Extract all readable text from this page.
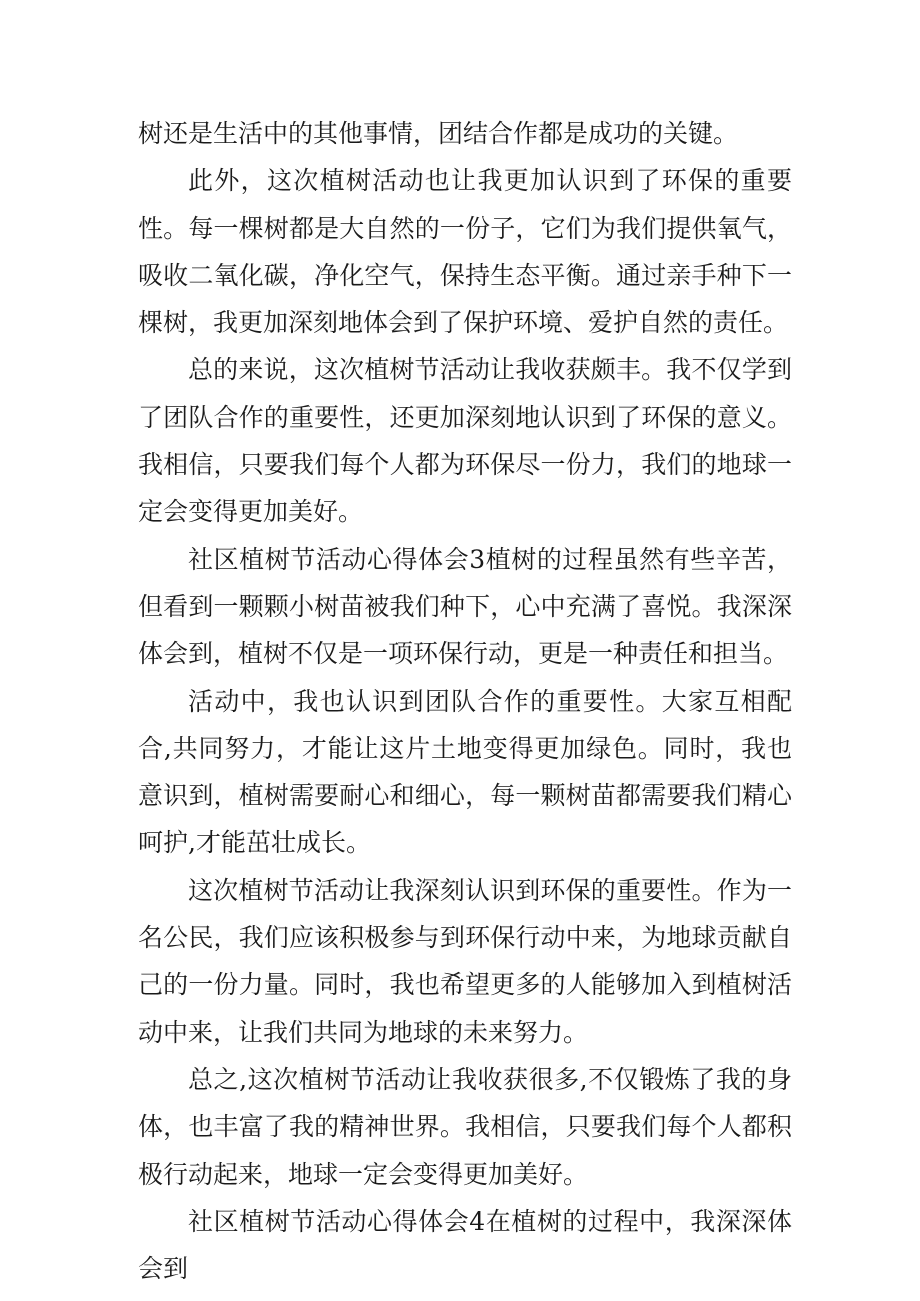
树还是生活中的其他事情，团结合作都是成功的关键。

此外，这次植树活动也让我更加认识到了环保的重要性。每一棵树都是大自然的一份子，它们为我们提供氧气，吸收二氧化碳，净化空气，保持生态平衡。通过亲手种下一棵树，我更加深刻地体会到了保护环境、爱护自然的责任。

总的来说，这次植树节活动让我收获颇丰。我不仅学到了团队合作的重要性，还更加深刻地认识到了环保的意义。我相信，只要我们每个人都为环保尽一份力，我们的地球一定会变得更加美好。

社区植树节活动心得体会3植树的过程虽然有些辛苦，但看到一颗颗小树苗被我们种下，心中充满了喜悦。我深深体会到，植树不仅是一项环保行动，更是一种责任和担当。

活动中，我也认识到团队合作的重要性。大家互相配合,共同努力，才能让这片土地变得更加绿色。同时，我也意识到，植树需要耐心和细心，每一颗树苗都需要我们精心呵护,才能茁壮成长。

这次植树节活动让我深刻认识到环保的重要性。作为一名公民，我们应该积极参与到环保行动中来，为地球贡献自己的一份力量。同时，我也希望更多的人能够加入到植树活动中来，让我们共同为地球的未来努力。

总之,这次植树节活动让我收获很多,不仅锻炼了我的身体，也丰富了我的精神世界。我相信，只要我们每个人都积极行动起来，地球一定会变得更加美好。

社区植树节活动心得体会4在植树的过程中，我深深体会到
